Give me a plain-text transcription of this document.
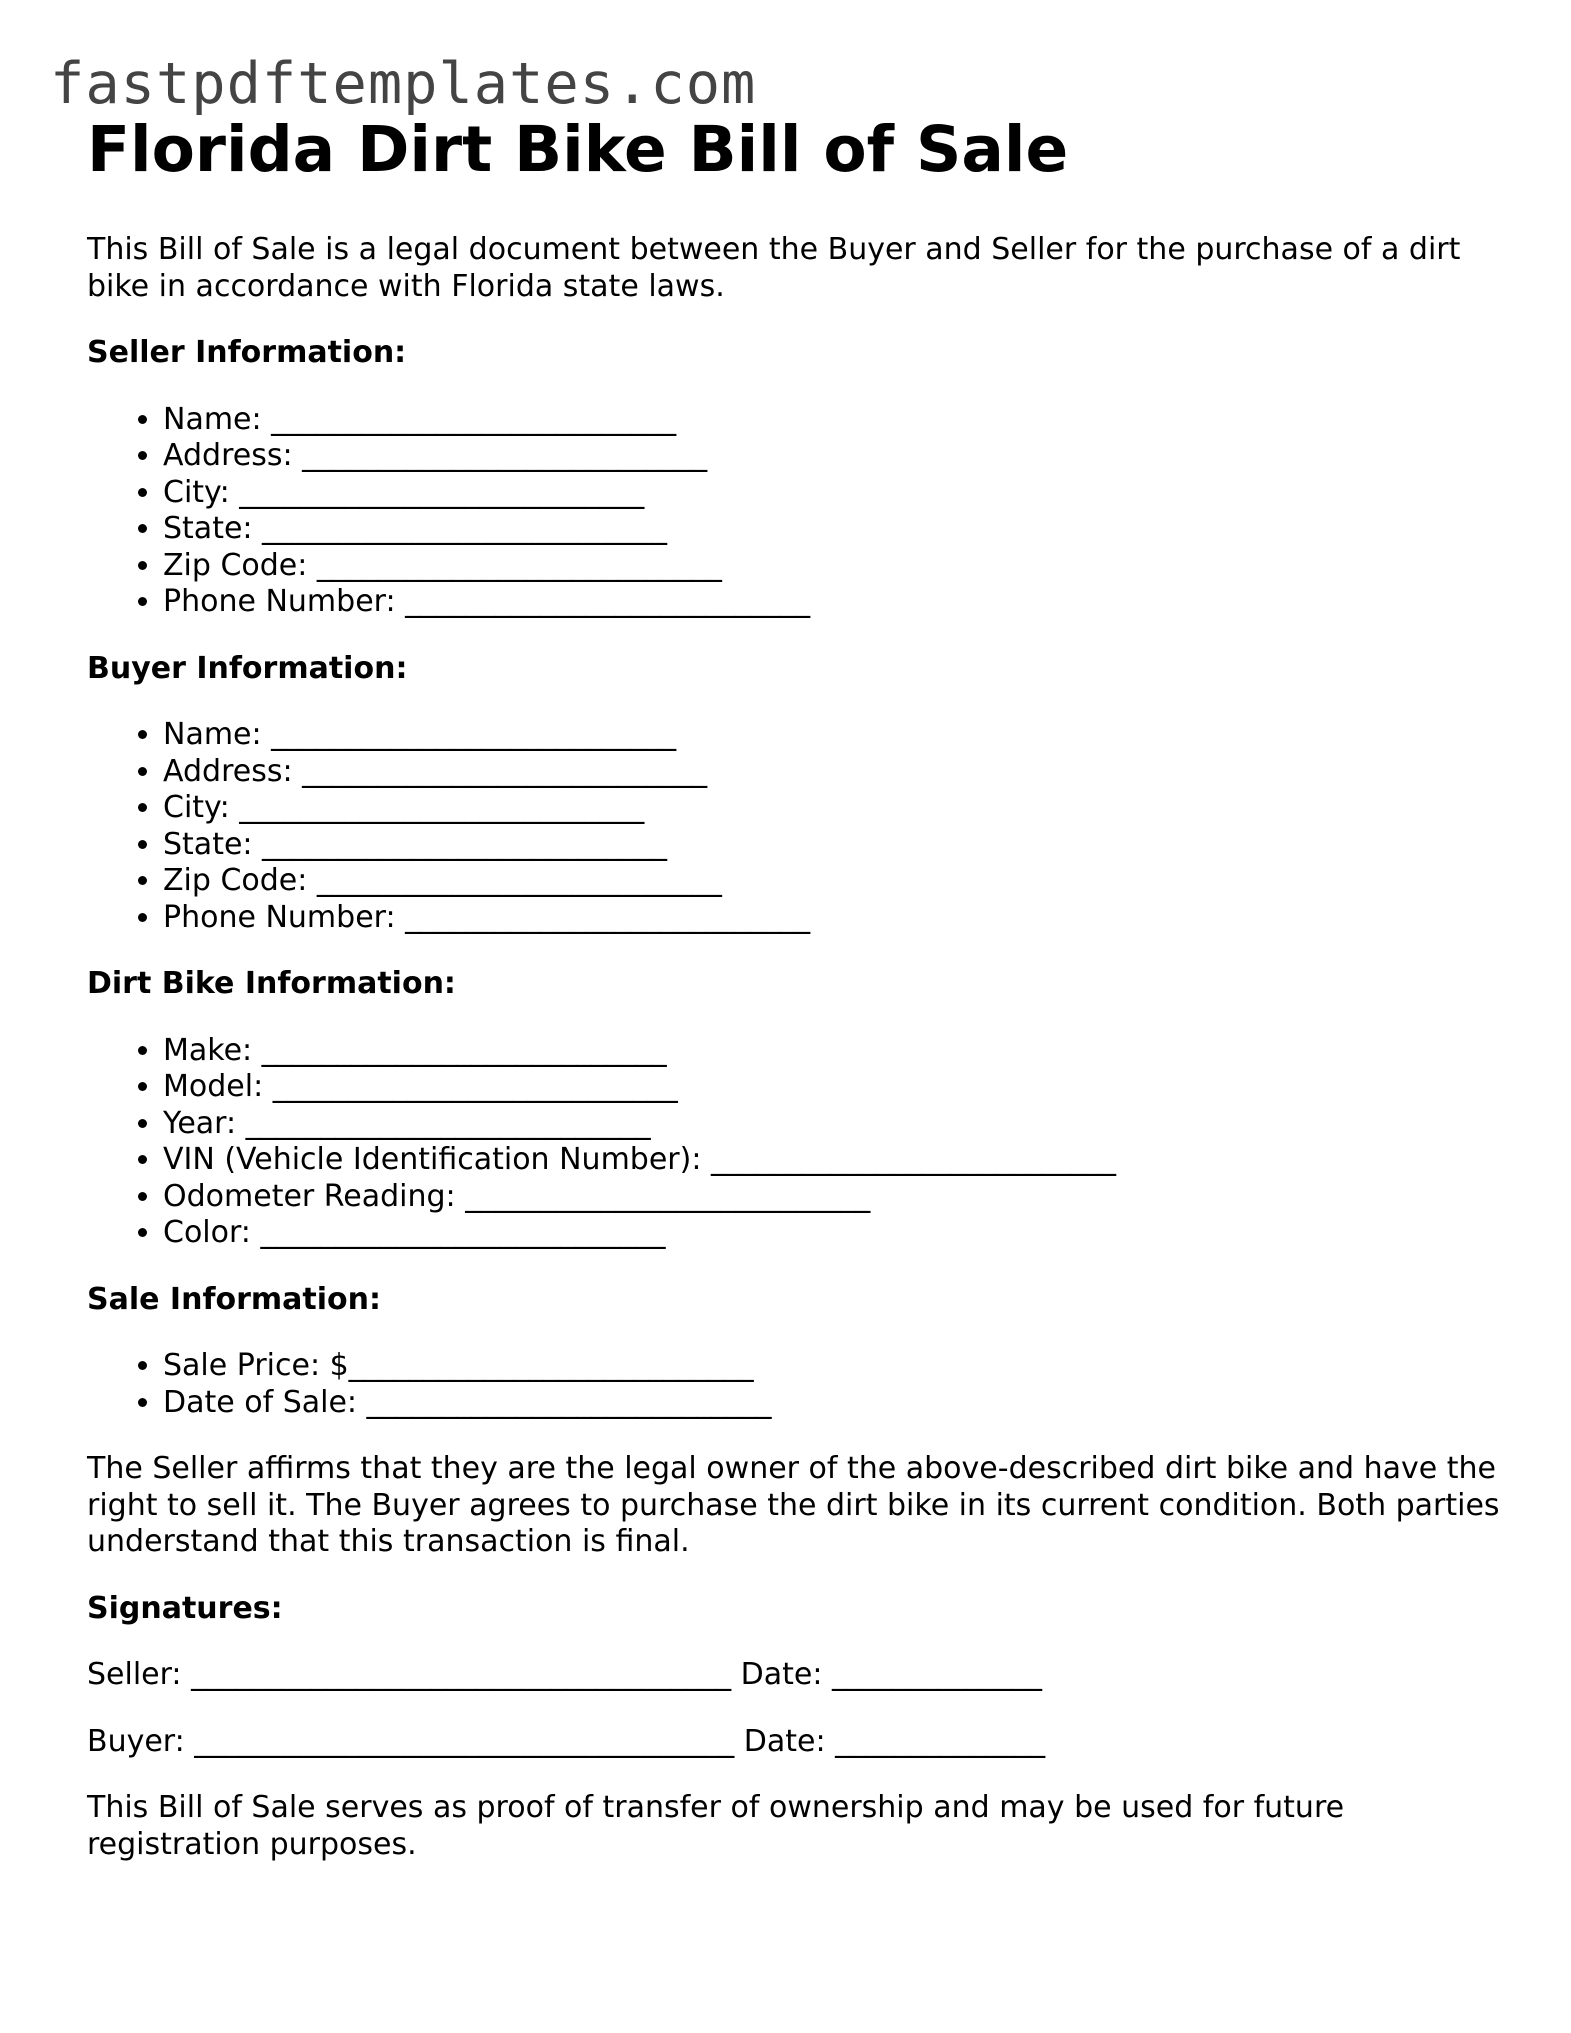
fastpdftemplates.com
Florida Dirt Bike Bill of Sale

This Bill of Sale is a legal document between the Buyer and Seller for the purchase of a dirt bike in accordance with Florida state laws.

Seller Information:
• Name: ___________________________
• Address: ___________________________
• City: ___________________________
• State: ___________________________
• Zip Code: ___________________________
• Phone Number: ___________________________
Buyer Information:
• Name: ___________________________
• Address: ___________________________
• City: ___________________________
• State: ___________________________
• Zip Code: ___________________________
• Phone Number: ___________________________
Dirt Bike Information:
• Make: ___________________________
• Model: ___________________________
• Year: ___________________________
• VIN (Vehicle Identification Number): ___________________________
• Odometer Reading: ___________________________
• Color: ___________________________
Sale Information:
• Sale Price: $___________________________
• Date of Sale: ___________________________

The Seller affirms that they are the legal owner of the above-described dirt bike and have the right to sell it. The Buyer agrees to purchase the dirt bike in its current condition. Both parties understand that this transaction is final.

Signatures:

Seller: ____________________________________ Date: ______________

Buyer: ____________________________________ Date: ______________

This Bill of Sale serves as proof of transfer of ownership and may be used for future registration purposes.
